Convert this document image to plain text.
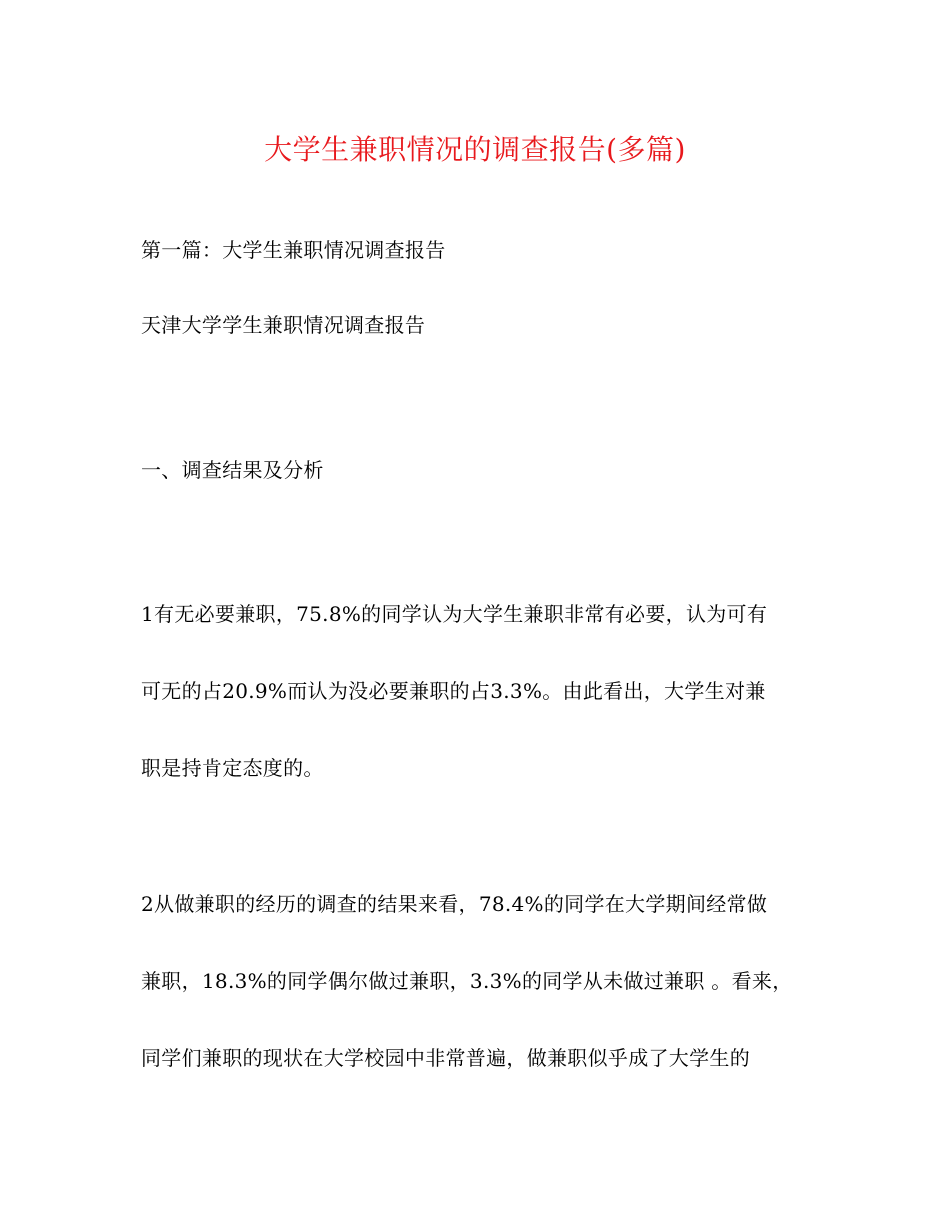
大学生兼职情况的调查报告(多篇)
第一篇：大学生兼职情况调查报告
天津大学学生兼职情况调查报告
一、调查结果及分析
1有无必要兼职，75.8%的同学认为大学生兼职非常有必要，认为可有
可无的占20.9%而认为没必要兼职的占3.3%。由此看出，大学生对兼
职是持肯定态度的。
2从做兼职的经历的调查的结果来看，78.4%的同学在大学期间经常做
兼职，18.3%的同学偶尔做过兼职，3.3%的同学从未做过兼职 。看来，
同学们兼职的现状在大学校园中非常普遍，做兼职似乎成了大学生的
